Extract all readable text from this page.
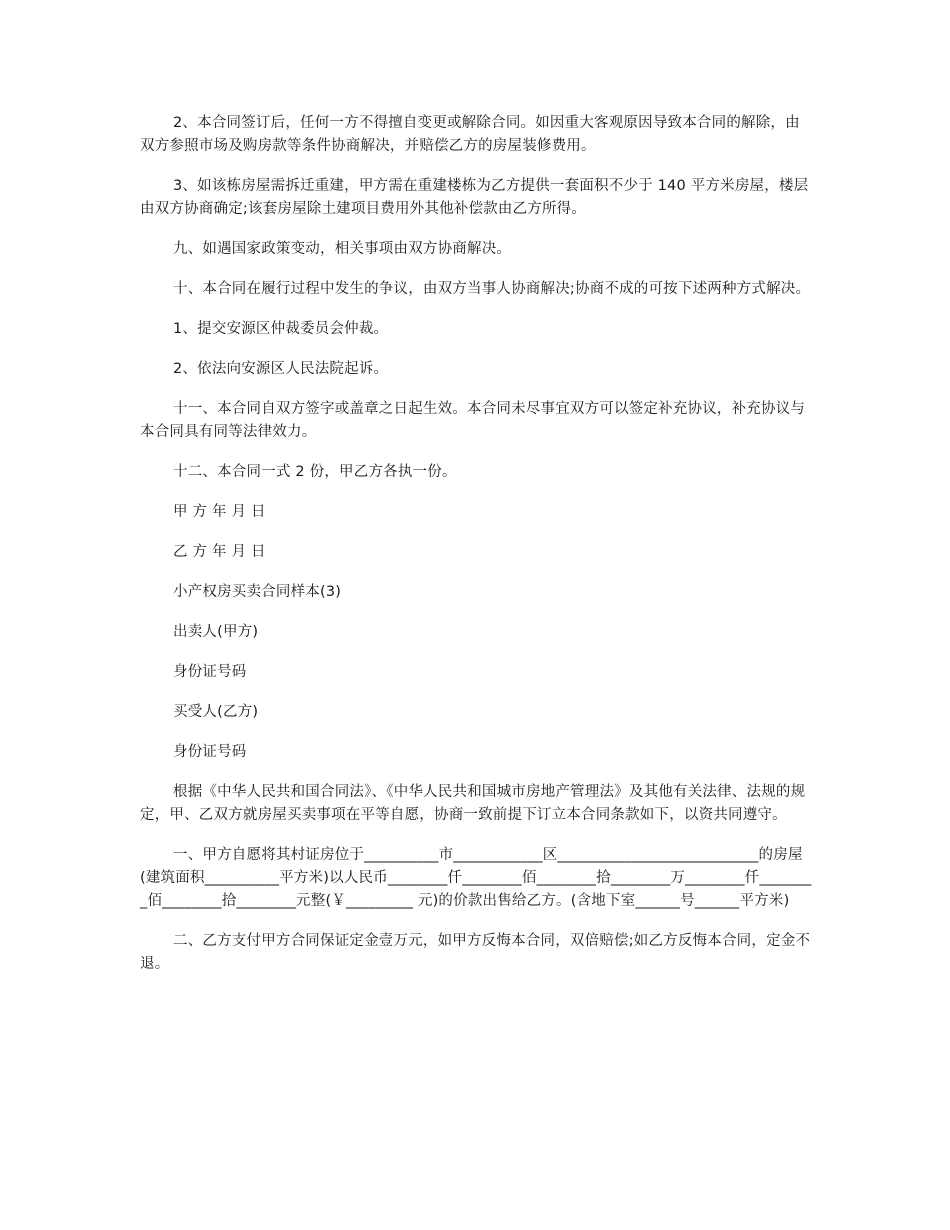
2、本合同签订后，任何一方不得擅自变更或解除合同。如因重大客观原因导致本合同的解除，由双方参照市场及购房款等条件协商解决，并赔偿乙方的房屋装修费用。

3、如该栋房屋需拆迁重建，甲方需在重建楼栋为乙方提供一套面积不少于 140 平方米房屋，楼层由双方协商确定;该套房屋除土建项目费用外其他补偿款由乙方所得。

九、如遇国家政策变动，相关事项由双方协商解决。

十、本合同在履行过程中发生的争议，由双方当事人协商解决;协商不成的可按下述两种方式解决。

1、提交安源区仲裁委员会仲裁。

2、依法向安源区人民法院起诉。

十一、本合同自双方签字或盖章之日起生效。本合同未尽事宜双方可以签定补充协议，补充协议与本合同具有同等法律效力。

十二、本合同一式 2 份，甲乙方各执一份。

甲 方 年 月 日

乙 方 年 月 日

小产权房买卖合同样本(3)

出卖人(甲方)

身份证号码

买受人(乙方)

身份证号码

根据《中华人民共和国合同法》、《中华人民共和国城市房地产管理法》及其他有关法律、法规的规定，甲、乙双方就房屋买卖事项在平等自愿，协商一致前提下订立本合同条款如下，以资共同遵守。

一、甲方自愿将其村证房位于__________市____________区___________________________的房屋(建筑面积__________平方米)以人民币________仟________佰________拾________万________仟________佰________拾________元整(￥_________ 元)的价款出售给乙方。(含地下室______号______平方米)

二、乙方支付甲方合同保证定金壹万元，如甲方反悔本合同，双倍赔偿;如乙方反悔本合同，定金不退。
